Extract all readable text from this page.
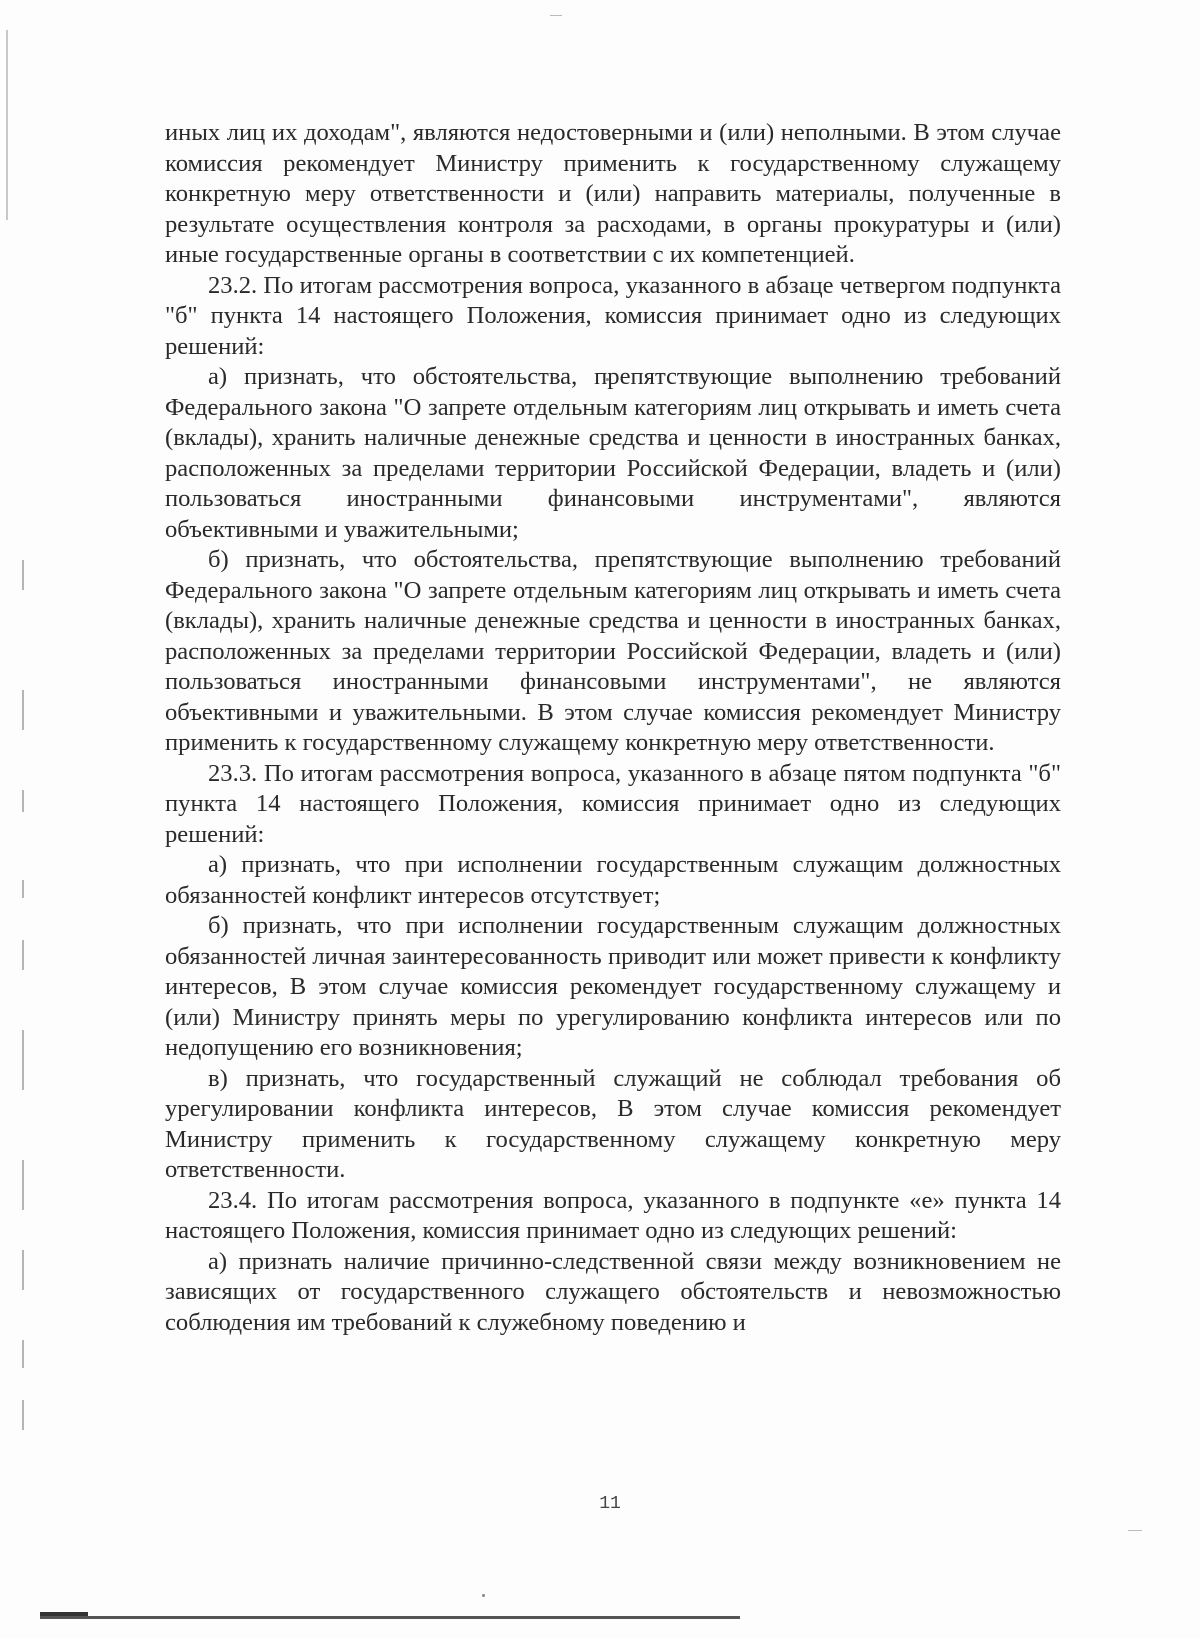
иных лиц их доходам", являются недостоверными и (или) неполными. В этом случае комиссия рекомендует Министру применить к государственному служащему конкретную меру ответственности и (или) направить материалы, полученные в результате осуществления контроля за расходами, в органы прокуратуры и (или) иные государственные органы в соответствии с их компетенцией.

23.2. По итогам рассмотрения вопроса, указанного в абзаце четвергом подпункта "б" пункта 14 настоящего Положения, комиссия принимает одно из следующих решений:

а) признать, что обстоятельства, препятствующие выполнению требований Федерального закона "О запрете отдельным категориям лиц открывать и иметь счета (вклады), хранить наличные денежные средства и ценности в иностранных банках, расположенных за пределами территории Российской Федерации, владеть и (или) пользоваться иностранными финансовыми инструментами", являются объективными и уважительными;

б) признать, что обстоятельства, препятствующие выполнению требований Федерального закона "О запрете отдельным категориям лиц открывать и иметь счета (вклады), хранить наличные денежные средства и ценности в иностранных банках, расположенных за пределами территории Российской Федерации, владеть и (или) пользоваться иностранными финансовыми инструментами", не являются объективными и уважительными. В этом случае комиссия рекомендует Министру применить к государственному служащему конкретную меру ответственности.

23.3. По итогам рассмотрения вопроса, указанного в абзаце пятом подпункта "б" пункта 14 настоящего Положения, комиссия принимает одно из следующих решений:

а) признать, что при исполнении государственным служащим должностных обязанностей конфликт интересов отсутствует;

б) признать, что при исполнении государственным служащим должностных обязанностей личная заинтересованность приводит или может привести к конфликту интересов, В этом случае комиссия рекомендует государственному служащему и (или) Министру принять меры по урегулированию конфликта интересов или по недопущению его возникновения;

в) признать, что государственный служащий не соблюдал требования об урегулировании конфликта интересов, В этом случае комиссия рекомендует Министру применить к государственному служащему конкретную меру ответственности.

23.4. По итогам рассмотрения вопроса, указанного в подпункте «е» пункта 14 настоящего Положения, комиссия принимает одно из следующих решений:

а) признать наличие причинно-следственной связи между возникновением не зависящих от государственного служащего обстоятельств и невозможностью соблюдения им требований к служебному поведению и

11
